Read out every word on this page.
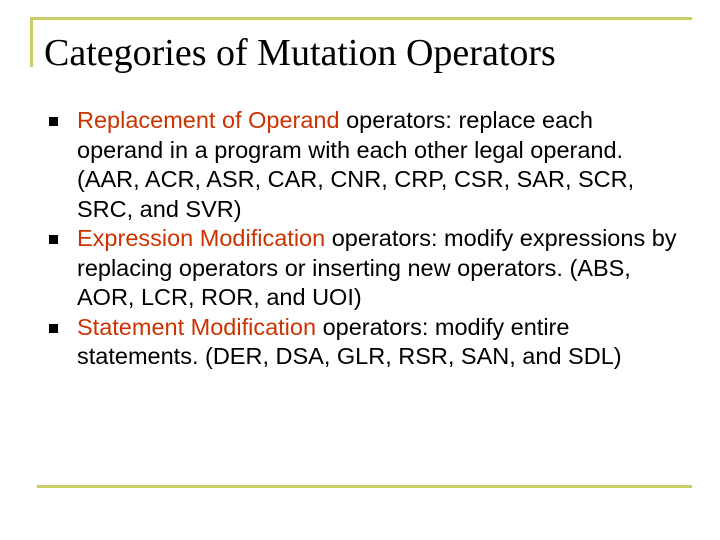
Categories of Mutation Operators
Replacement of Operand operators: replace each operand in a program with each other legal operand. (AAR, ACR, ASR, CAR, CNR, CRP, CSR, SAR, SCR, SRC, and SVR)
Expression Modification operators: modify expressions by replacing operators or inserting new operators. (ABS, AOR, LCR, ROR, and UOI)
Statement Modification operators: modify entire statements. (DER, DSA, GLR, RSR, SAN, and SDL)
